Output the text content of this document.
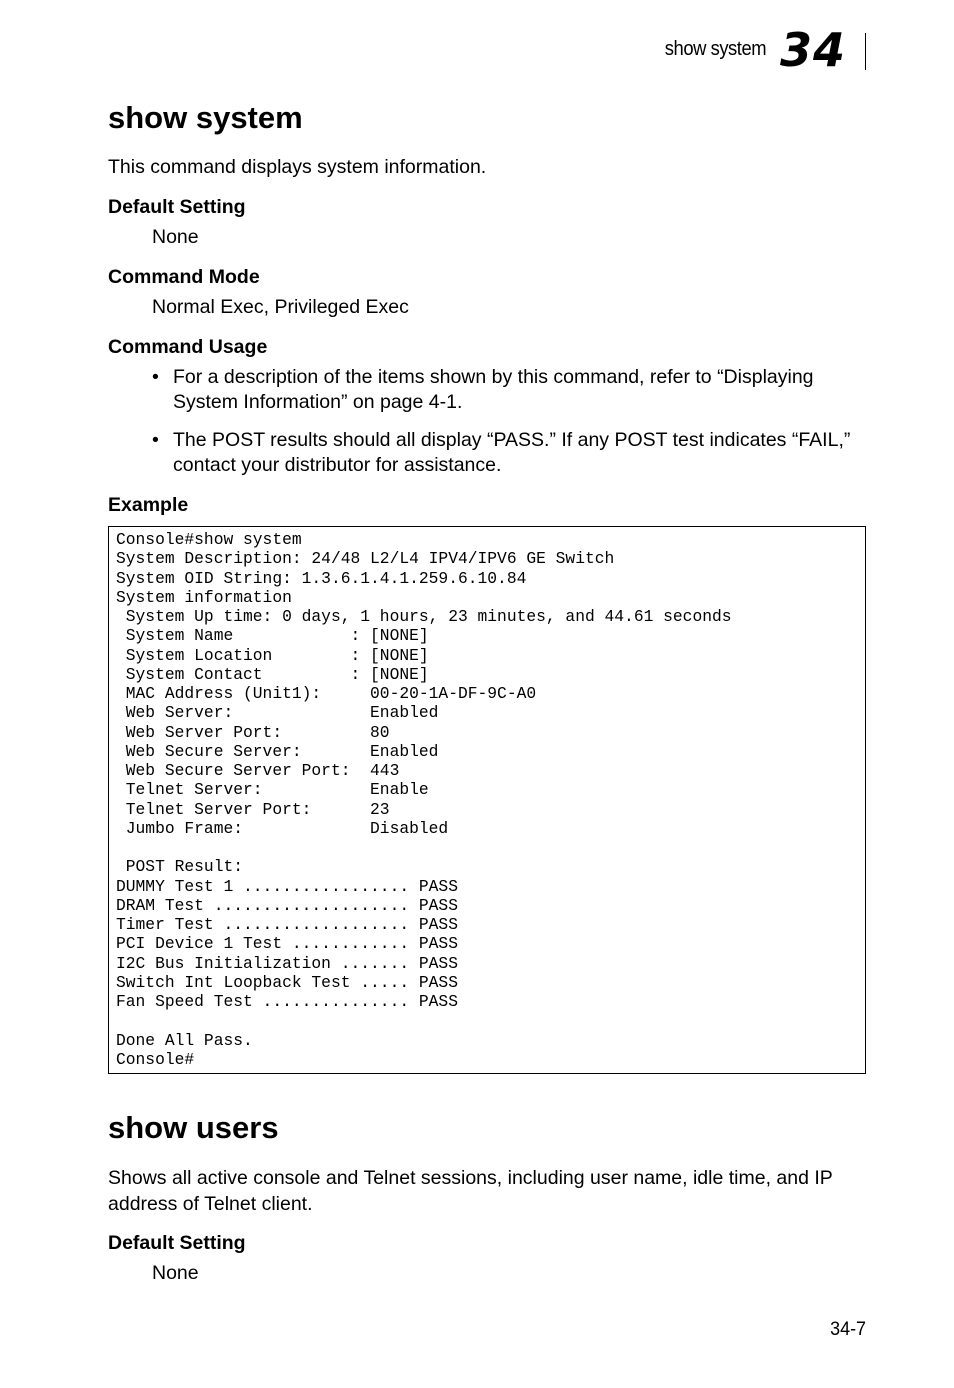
show system 34
show system

This command displays system information.

Default Setting

None

Command Mode

Normal Exec, Privileged Exec

Command Usage

• For a description of the items shown by this command, refer to “Displaying System Information” on page 4-1.
• The POST results should all display “PASS.” If any POST test indicates “FAIL,” contact your distributor for assistance.

Example

Console#show system
System Description: 24/48 L2/L4 IPV4/IPV6 GE Switch
System OID String: 1.3.6.1.4.1.259.6.10.84
System information
System Up time: 0 days, 1 hours, 23 minutes, and 44.61 seconds
System Name            : [NONE]
System Location        : [NONE]
System Contact         : [NONE]
MAC Address (Unit1):     00-20-1A-DF-9C-A0
Web Server:              Enabled
Web Server Port:         80
Web Secure Server:       Enabled
Web Secure Server Port:  443
Telnet Server:           Enable
Telnet Server Port:      23
Jumbo Frame:             Disabled

POST Result:
DUMMY Test 1 ................. PASS
DRAM Test .................... PASS
Timer Test ................... PASS
PCI Device 1 Test ............ PASS
I2C Bus Initialization ....... PASS
Switch Int Loopback Test ..... PASS
Fan Speed Test ............... PASS

Done All Pass.
Console#
show users

Shows all active console and Telnet sessions, including user name, idle time, and IP address of Telnet client.

Default Setting

None

34-7
